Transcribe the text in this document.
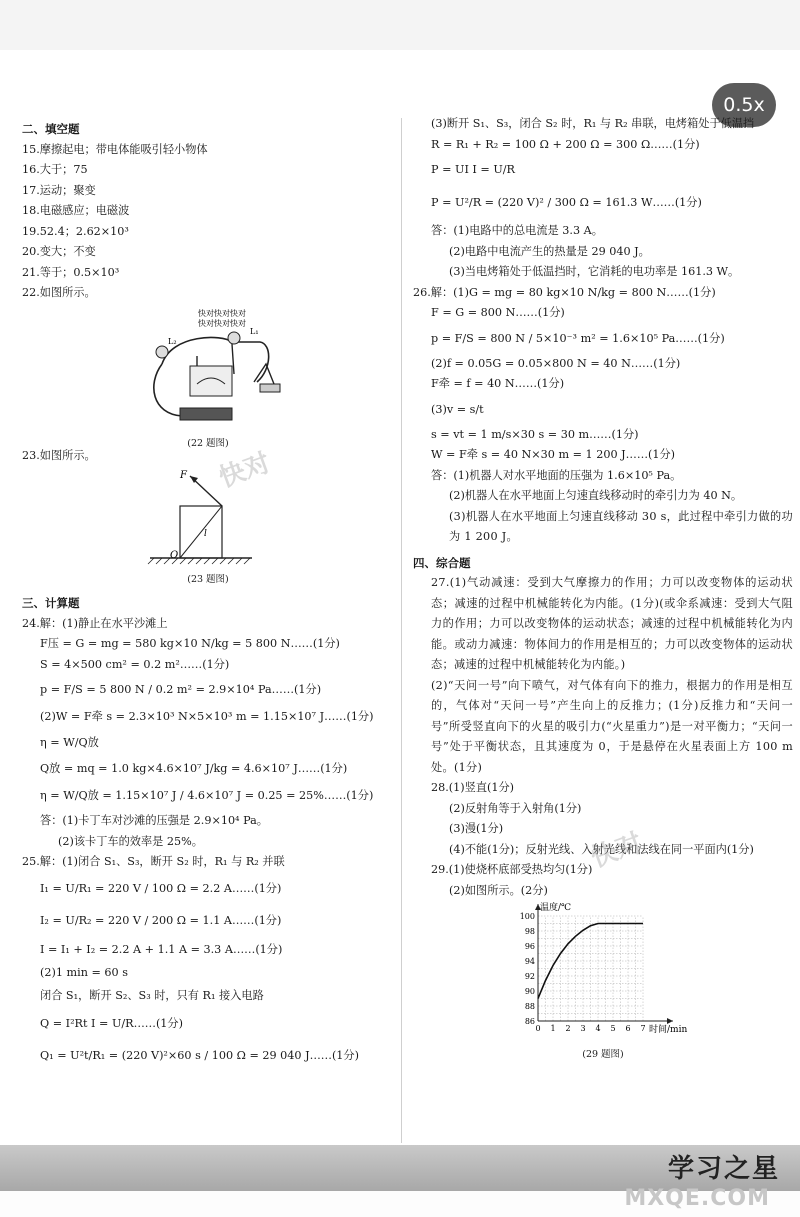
0.5x
二、填空题
15.摩擦起电；带电体能吸引轻小物体
16.大于；75
17.运动；聚变
18.电磁感应；电磁波
19.52.4；2.62×10³
20.变大；不变
21.等于；0.5×10³
22.如图所示。
快对快对快对
快对快对快对
L₂
L₁
(22 题图)
23.如图所示。
F
O
l
(23 题图)
三、计算题
24.解：(1)静止在水平沙滩上
F压 = G = mg = 580 kg×10 N/kg = 5 800 N……(1分)
S = 4×500 cm² = 0.2 m²……(1分)
p = F/S = 5 800 N / 0.2 m² = 2.9×10⁴ Pa……(1分)
(2)W = F牵 s = 2.3×10³ N×5×10³ m = 1.15×10⁷ J……(1分)
η = W/Q放
Q放 = mq = 1.0 kg×4.6×10⁷ J/kg = 4.6×10⁷ J……(1分)
η = W/Q放 = 1.15×10⁷ J / 4.6×10⁷ J = 0.25 = 25%……(1分)
答：(1)卡丁车对沙滩的压强是 2.9×10⁴ Pa。
(2)该卡丁车的效率是 25%。
25.解：(1)闭合 S₁、S₃，断开 S₂ 时，R₁ 与 R₂ 并联
I₁ = U/R₁ = 220 V / 100 Ω = 2.2 A……(1分)
I₂ = U/R₂ = 220 V / 200 Ω = 1.1 A……(1分)
I = I₁ + I₂ = 2.2 A + 1.1 A = 3.3 A……(1分)
(2)1 min = 60 s
闭合 S₁，断开 S₂、S₃ 时，只有 R₁ 接入电路
Q = I²Rt I = U/R……(1分)
Q₁ = U²t/R₁ = (220 V)²×60 s / 100 Ω = 29 040 J……(1分)
(3)断开 S₁、S₃，闭合 S₂ 时，R₁ 与 R₂ 串联，电烤箱处于低温挡
R = R₁ + R₂ = 100 Ω + 200 Ω = 300 Ω……(1分)
P = UI I = U/R
P = U²/R = (220 V)² / 300 Ω = 161.3 W……(1分)
答：(1)电路中的总电流是 3.3 A。
(2)电路中电流产生的热量是 29 040 J。
(3)当电烤箱处于低温挡时，它消耗的电功率是 161.3 W。
26.解：(1)G = mg = 80 kg×10 N/kg = 800 N……(1分)
F = G = 800 N……(1分)
p = F/S = 800 N / 5×10⁻³ m² = 1.6×10⁵ Pa……(1分)
(2)f = 0.05G = 0.05×800 N = 40 N……(1分)
F牵 = f = 40 N……(1分)
(3)v = s/t
s = vt = 1 m/s×30 s = 30 m……(1分)
W = F牵 s = 40 N×30 m = 1 200 J……(1分)
答：(1)机器人对水平地面的压强为 1.6×10⁵ Pa。
(2)机器人在水平地面上匀速直线移动时的牵引力为 40 N。
(3)机器人在水平地面上匀速直线移动 30 s，此过程中牵引力做的功为 1 200 J。
四、综合题
27.(1)气动减速：受到大气摩擦力的作用；力可以改变物体的运动状态；减速的过程中机械能转化为内能。(1分)(或伞系减速：受到大气阻力的作用；力可以改变物体的运动状态；减速的过程中机械能转化为内能。或动力减速：物体间力的作用是相互的；力可以改变物体的运动状态；减速的过程中机械能转化为内能。)
(2)“天问一号”向下喷气，对气体有向下的推力，根据力的作用是相互的，气体对“天问一号”产生向上的反推力；(1分)反推力和“天问一号”所受竖直向下的火星的吸引力(“火星重力”)是一对平衡力；“天问一号”处于平衡状态，且其速度为 0，于是悬停在火星表面上方 100 m 处。(1分)
28.(1)竖直(1分)
(2)反射角等于入射角(1分)
(3)漫(1分)
(4)不能(1分)；反射光线、入射光线和法线在同一平面内(1分)
29.(1)使烧杯底部受热均匀(1分)
(2)如图所示。(2分)
0 1 2 3 4 5 6 7
86
88
90
92
94
96
98
100
温度/℃
时间/min
(29 题图)
快对
快对
学习之星
MXQE.COM
